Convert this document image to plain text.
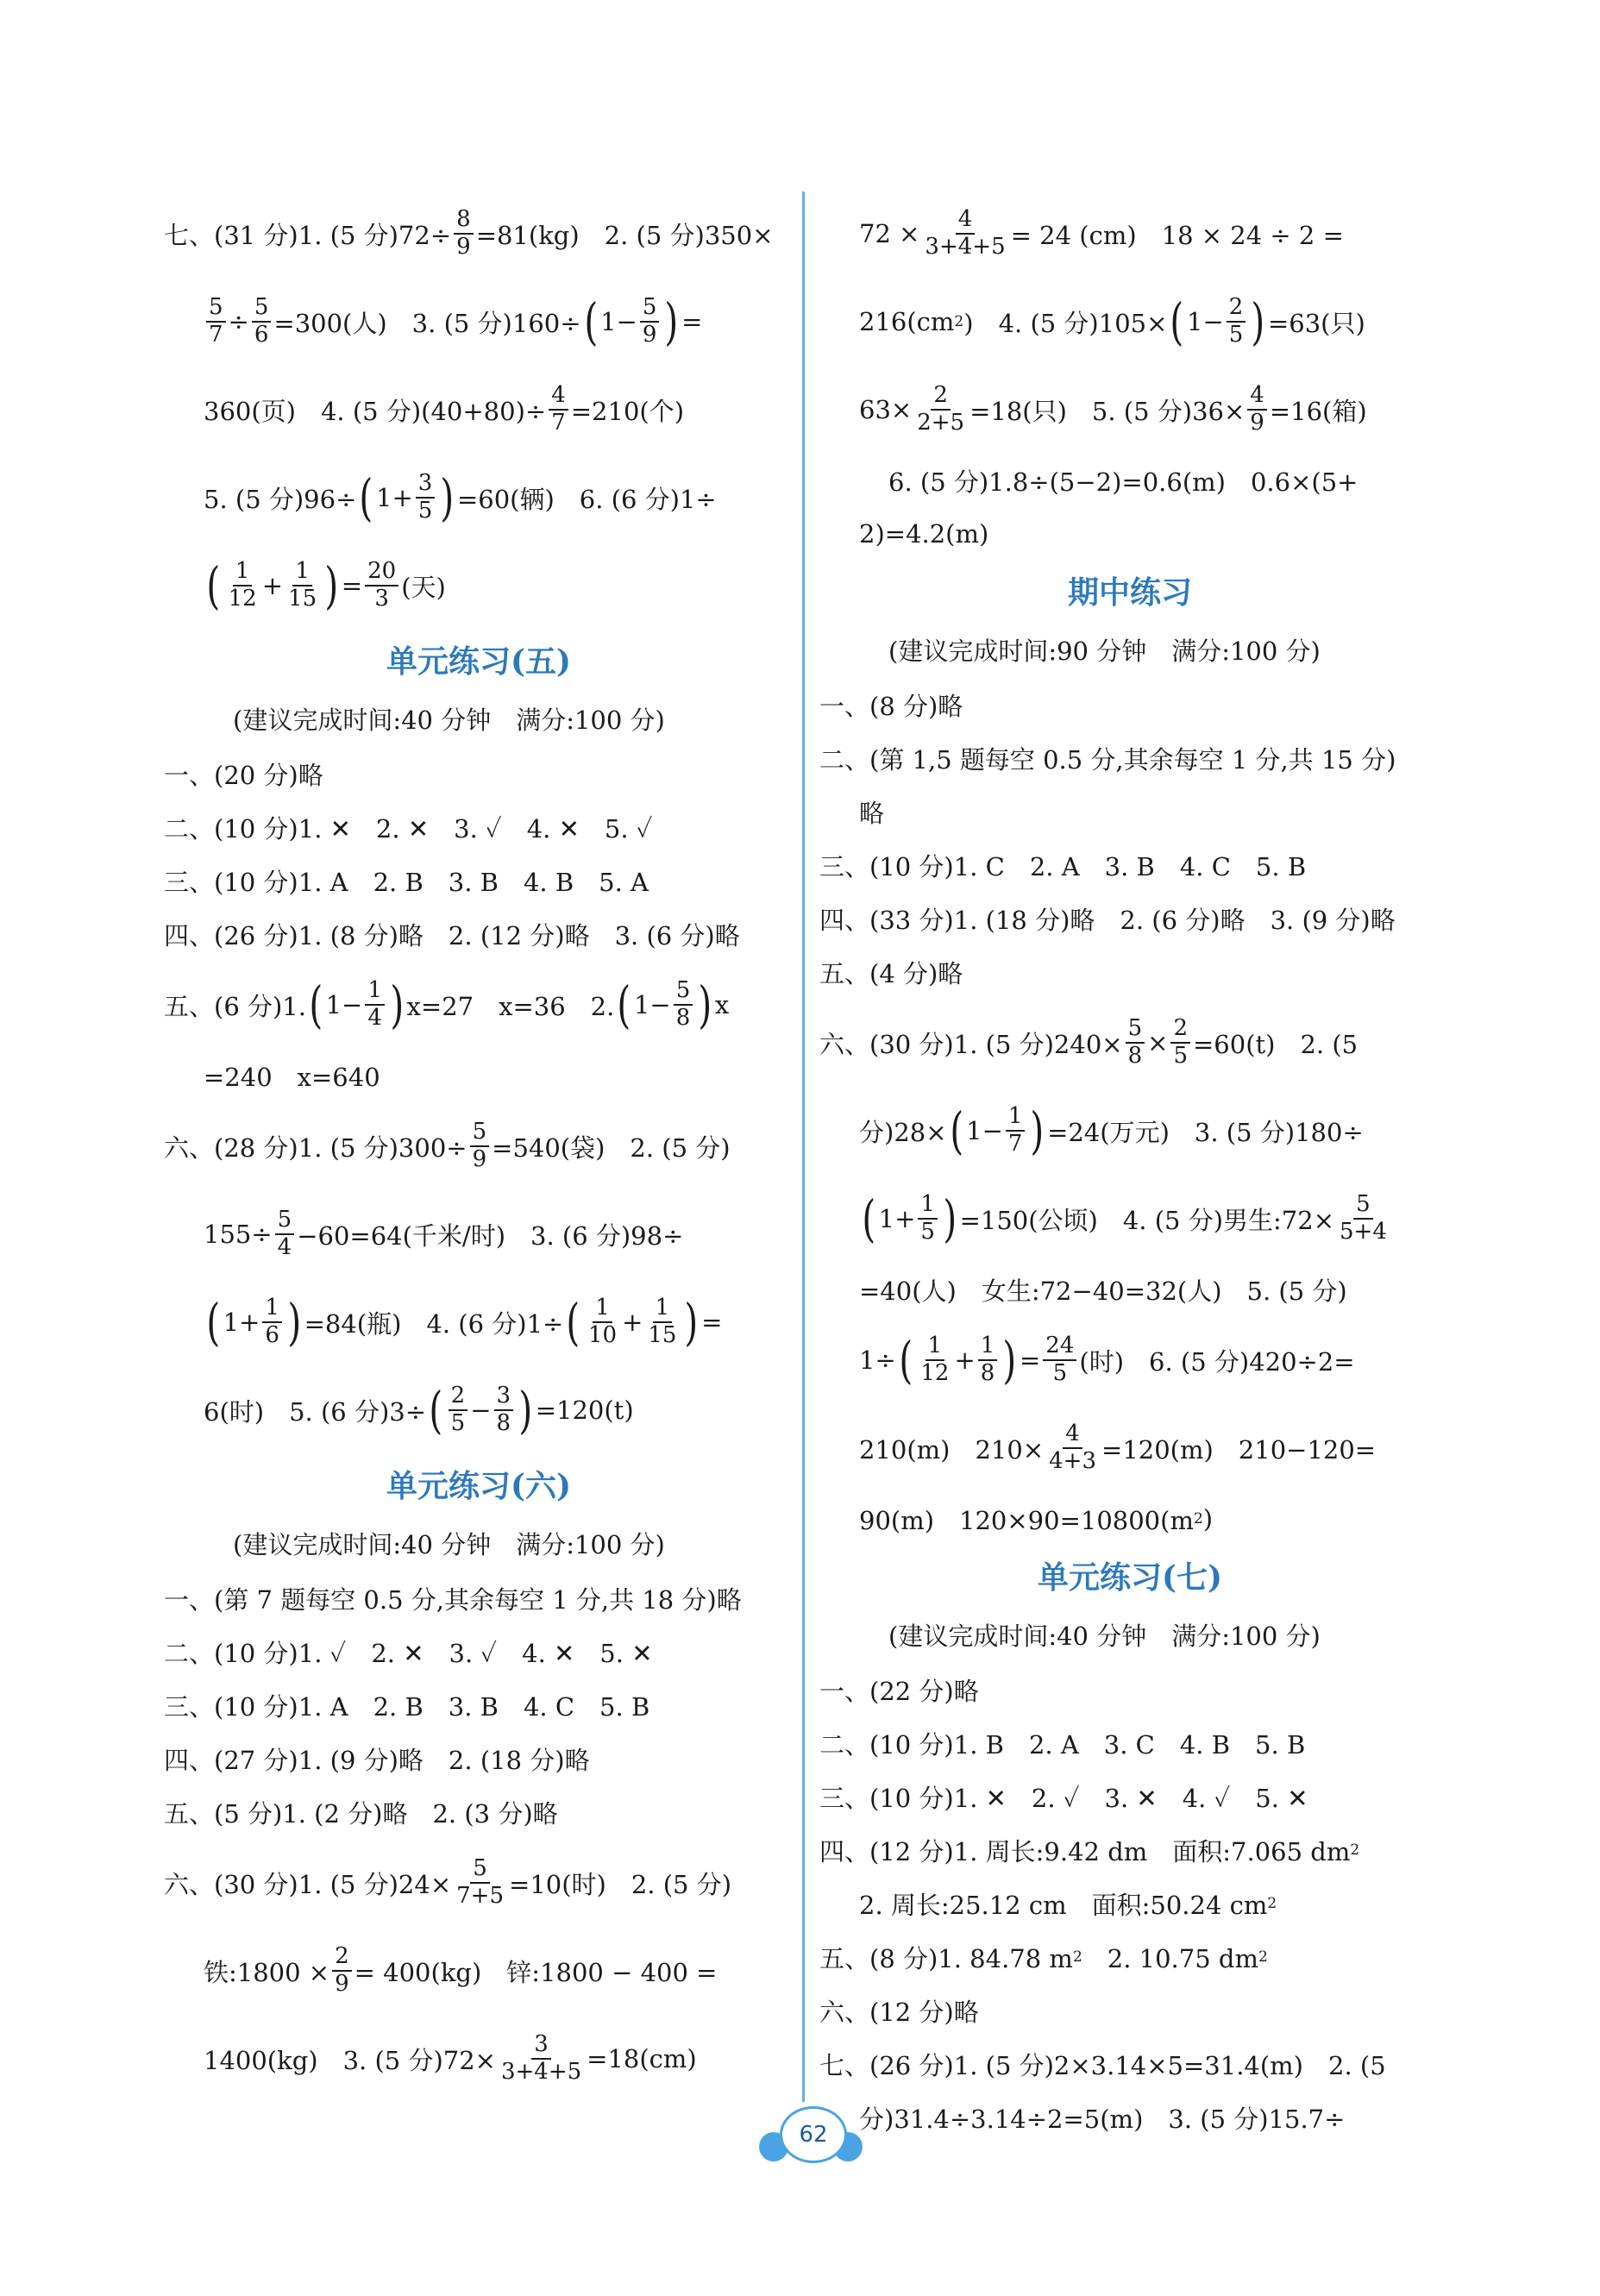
七、(31 分)1. (5 分)$72\div \frac{8}{9} =81(kg)$　2. (5 分)350×
$\frac{5}{7} \div \frac{5}{6} =300$(人)　3. (5 分)160÷ ( $1- \frac{5}{9}$ ) =
360(页)　4. (5 分)$(40+80)\div \frac{4}{7} =210$(个)
5. (5 分)96÷ ( $1+ \frac{3}{5}$ ) =60(辆)　6. (6 分)1÷
( $\frac{1}{12} + \frac{1}{15}$ ) = $\frac{20}{3}$ (天)
单元练习(五)
(建议完成时间:40 分钟　满分:100 分)
一、(20 分)略
二、(10 分)1. ✕　2. ✕　3. ✓　4. ✕　5. ✓
三、(10 分)1. A　2. B　3. B　4. B　5. A
四、(26 分)1. (8 分)略　2. (12 分)略　3. (6 分)略
五、(6 分)1. ( $1- \frac{1}{4}$ ) x=27　x=36　2. ( $1- \frac{5}{8}$ ) x
=240　x=640
六、(28 分)1. (5 分)$300\div \frac{5}{9} =540$(袋)　2. (5 分)
$155\div \frac{5}{4} -60=64$(千米/时)　3. (6 分)98÷
( $1+ \frac{1}{6}$ ) =84(瓶)　4. (6 分)1÷ ( $\frac{1}{10} + \frac{1}{15}$ ) =
6(时)　5. (6 分)3÷ ( $\frac{2}{5} - \frac{3}{8}$ ) =120(t)
单元练习(六)
(建议完成时间:40 分钟　满分:100 分)
一、(第 7 题每空 0.5 分,其余每空 1 分,共 18 分)略
二、(10 分)1. ✓　2. ✕　3. ✓　4. ✕　5. ✕
三、(10 分)1. A　2. B　3. B　4. C　5. B
四、(27 分)1. (9 分)略　2. (18 分)略
五、(5 分)1. (2 分)略　2. (3 分)略
六、(30 分)1. (5 分)$24\times \frac{5}{7+5} =10$(时)　2. (5 分)
铁:1800 × $\frac{2}{9} = 400(kg)$　锌:1800 − 400 =
1400(kg)　3. (5 分)$72\times \frac{3}{3+4+5} =18(cm)$
$72 \times \frac{4}{3+4+5} = 24$ (cm)　18 × 24 ÷ 2 =
216(cm 2 )　4. (5 分)105× ( $1- \frac{2}{5}$ ) =63(只)
$63\times \frac{2}{2+5} =18$(只)　5. (5 分)$36\times \frac{4}{9} =16$(箱)
6. (5 分)1.8÷(5−2)=0.6(m)　0.6×(5+
2)=4.2(m)
期中练习
(建议完成时间:90 分钟　满分:100 分)
一、(8 分)略
二、(第 1,5 题每空 0.5 分,其余每空 1 分,共 15 分)
略
三、(10 分)1. C　2. A　3. B　4. C　5. B
四、(33 分)1. (18 分)略　2. (6 分)略　3. (9 分)略
五、(4 分)略
六、(30 分)1. (5 分)$240\times \frac{5}{8} \times \frac{2}{5} =60(t)$　2. (5
分)28× ( $1- \frac{1}{7}$ ) =24(万元)　3. (5 分)180÷
( $1+ \frac{1}{5}$ ) =150(公顷)　4. (5 分)男生:72× $\frac{5}{5+4}$
=40(人)　女生:72−40=32(人)　5. (5 分)
1÷ ( $\frac{1}{12} + \frac{1}{8}$ ) = $\frac{24}{5}$ (时)　6. (5 分)420÷2=
210(m)　$210\times \frac{4}{4+3} =120(m)$　210−120=
90(m)　120×90=10800(m 2 )
单元练习(七)
(建议完成时间:40 分钟　满分:100 分)
一、(22 分)略
二、(10 分)1. B　2. A　3. C　4. B　5. B
三、(10 分)1. ✕　2. ✓　3. ✕　4. ✓　5. ✕
四、(12 分)1. 周长:9.42 dm　面积:7.065 dm 2
2. 周长:25.12 cm　面积:50.24 cm 2
五、(8 分)1. 84.78 m 2 　2. 10.75 dm 2
六、(12 分)略
七、(26 分)1. (5 分)2×3.14×5=31.4(m)　2. (5
分)31.4÷3.14÷2=5(m)　3. (5 分)15.7÷
62
